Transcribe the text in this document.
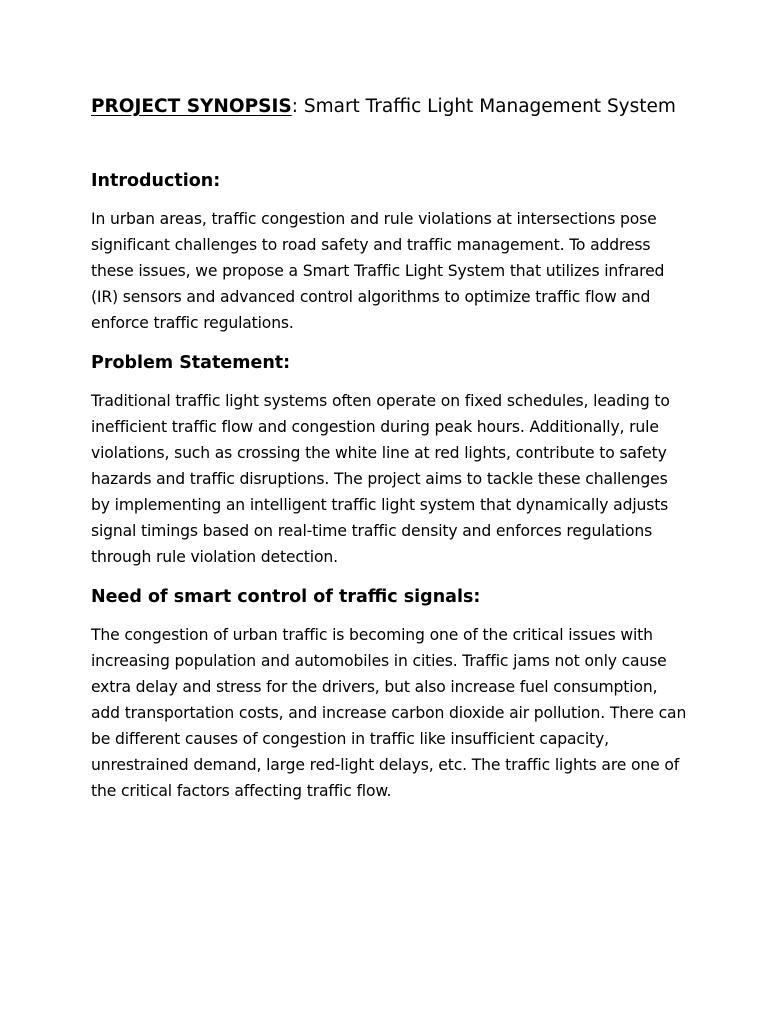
PROJECT SYNOPSIS: Smart Traffic Light Management System
Introduction:

In urban areas, traffic congestion and rule violations at intersections pose significant challenges to road safety and traffic management. To address these issues, we propose a Smart Traffic Light System that utilizes infrared (IR) sensors and advanced control algorithms to optimize traffic flow and enforce traffic regulations.

Problem Statement:

Traditional traffic light systems often operate on fixed schedules, leading to inefficient traffic flow and congestion during peak hours. Additionally, rule violations, such as crossing the white line at red lights, contribute to safety hazards and traffic disruptions. The project aims to tackle these challenges by implementing an intelligent traffic light system that dynamically adjusts signal timings based on real-time traffic density and enforces regulations through rule violation detection.

Need of smart control of traffic signals:

The congestion of urban traffic is becoming one of the critical issues with increasing population and automobiles in cities. Traffic jams not only cause extra delay and stress for the drivers, but also increase fuel consumption, add transportation costs, and increase carbon dioxide air pollution. There can be different causes of congestion in traffic like insufficient capacity, unrestrained demand, large red-light delays, etc. The traffic lights are one of the critical factors affecting traffic flow.
